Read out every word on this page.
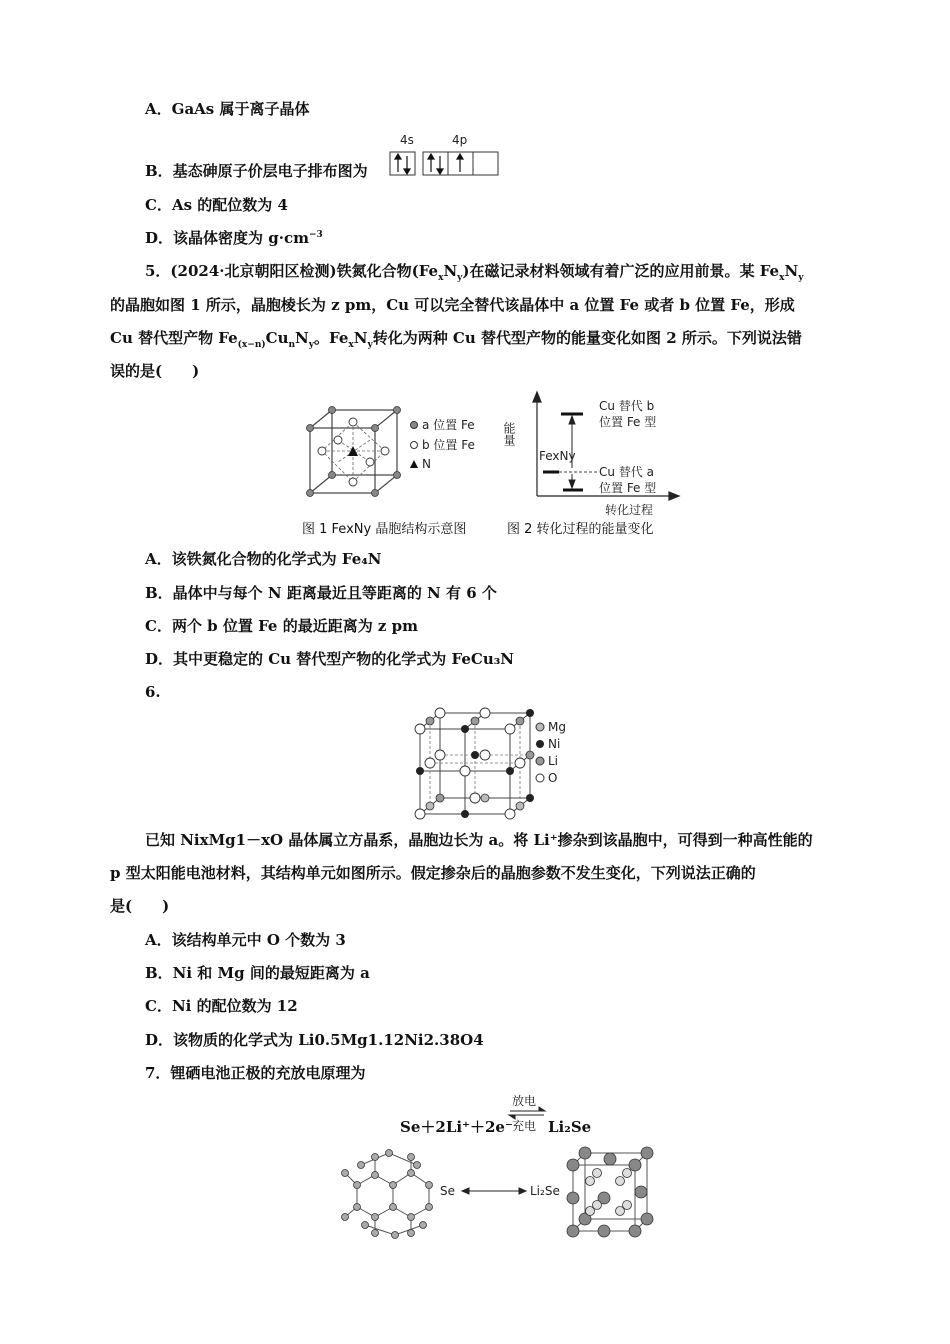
A．GaAs 属于离子晶体
B．基态砷原子价层电子排布图为
4s	4p
C．As 的配位数为 4
D．该晶体密度为 $g\cdot cm^{-3}$
5．(2024·北京朝阳区检测)铁氮化合物$(Fe_xN_y)$在磁记录材料领域有着广泛的应用前景。某 $Fe_xN_y$
的晶胞如图 1 所示，晶胞棱长为 z pm，Cu 可以完全替代该晶体中 a 位置 Fe 或者 b 位置 Fe，形成
Cu 替代型产物 $Fe_{(x-n)}Cu_nN_y$。$Fe_xN_y$转化为两种 Cu 替代型产物的能量变化如图 2 所示。下列说法错
误的是(　　)
a 位置 Fe
b 位置 Fe
N
能量
转化过程
FexNy
Cu 替代 b
位置 Fe 型
Cu 替代 a
位置 Fe 型
图 1 FexNy 晶胞结构示意图	图 2 转化过程的能量变化
A．该铁氮化合物的化学式为 Fe₄N
B．晶体中与每个 N 距离最近且等距离的 N 有 6 个
C．两个 b 位置 Fe 的最近距离为 z pm
D．其中更稳定的 Cu 替代型产物的化学式为 FeCu₃N
6.
Mg
Ni
Li
O
已知 NixMg1－xO 晶体属立方晶系，晶胞边长为 a。将 Li⁺掺杂到该晶胞中，可得到一种高性能的
p 型太阳能电池材料，其结构单元如图所示。假定掺杂后的晶胞参数不发生变化，下列说法正确的
是(　　)
A．该结构单元中 O 个数为 3
B．Ni 和 Mg 间的最短距离为 a
C．Ni 的配位数为 12
D．该物质的化学式为 Li0.5Mg1.12Ni2.38O4
7．锂硒电池正极的充放电原理为
Se＋2Li⁺＋2e⁻
放电
充电 Li₂Se
Se	Li₂Se
